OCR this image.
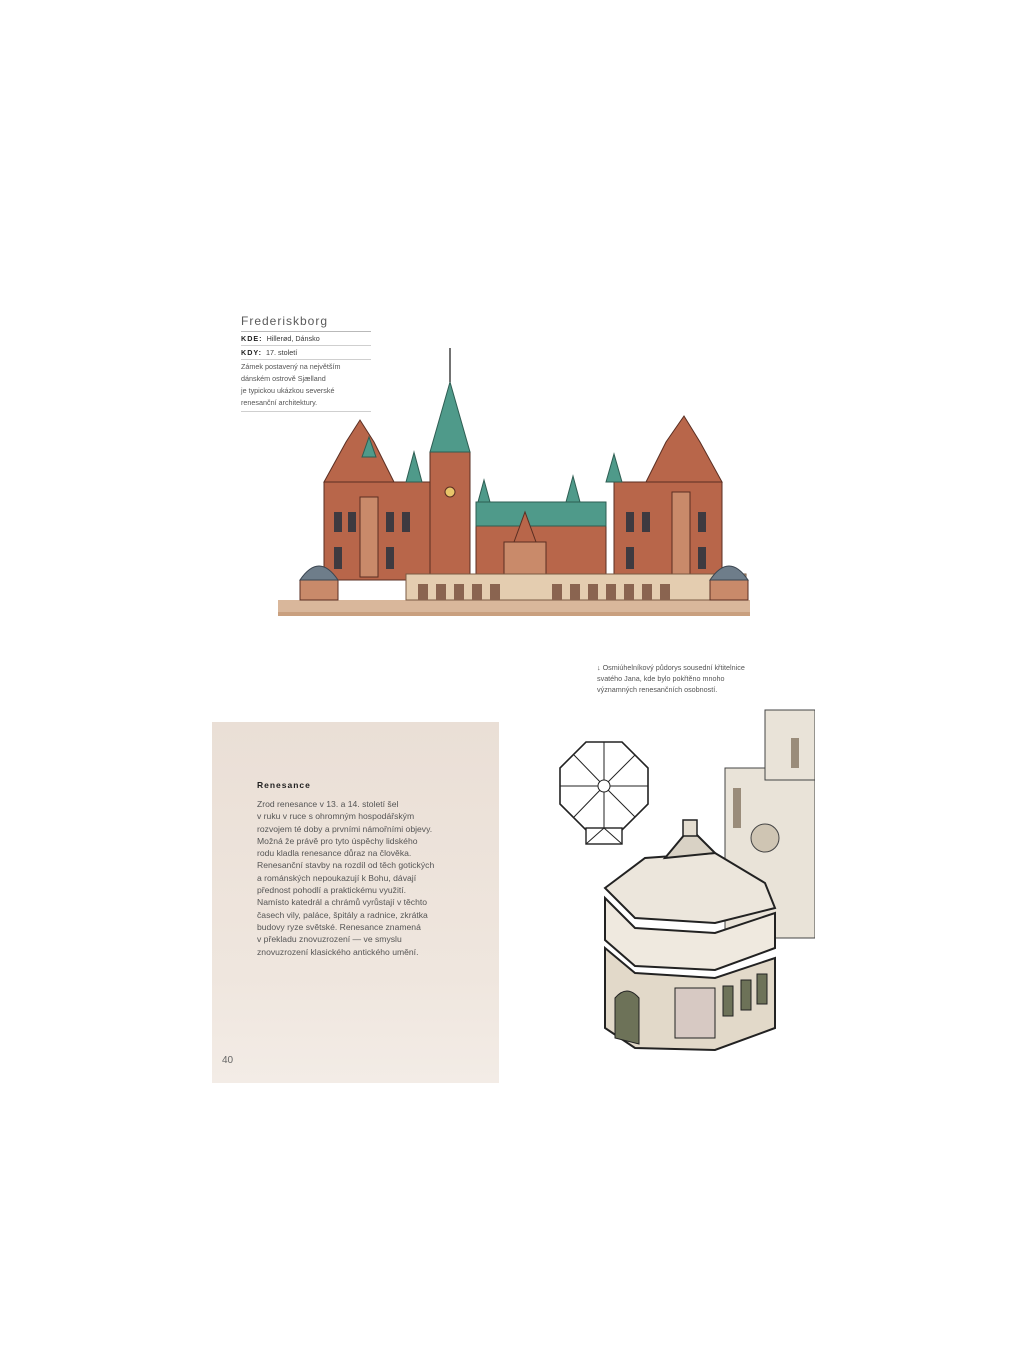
Frederiskborg
KDE: Hillerød, Dánsko
KDY: 17. století
Zámek postavený na největším
dánském ostrově Sjælland
je typickou ukázkou severské
renesanční architektury.
↓ Osmiúhelníkový půdorys sousední křtitelnice
svatého Jana, kde bylo pokřtěno mnoho
významných renesančních osobností.
Renesance
Zrod renesance v 13. a 14. století šel
v ruku v ruce s ohromným hospodářským
rozvojem té doby a prvními námořními objevy.
Možná že právě pro tyto úspěchy lidského
rodu kladla renesance důraz na člověka.
Renesanční stavby na rozdíl od těch gotických
a románských nepoukazují k Bohu, dávají
přednost pohodlí a praktickému využití.
Namísto katedrál a chrámů vyrůstají v těchto
časech vily, paláce, špitály a radnice, zkrátka
budovy ryze světské. Renesance znamená
v překladu znovuzrození — ve smyslu
znovuzrození klasického antického umění.
40
